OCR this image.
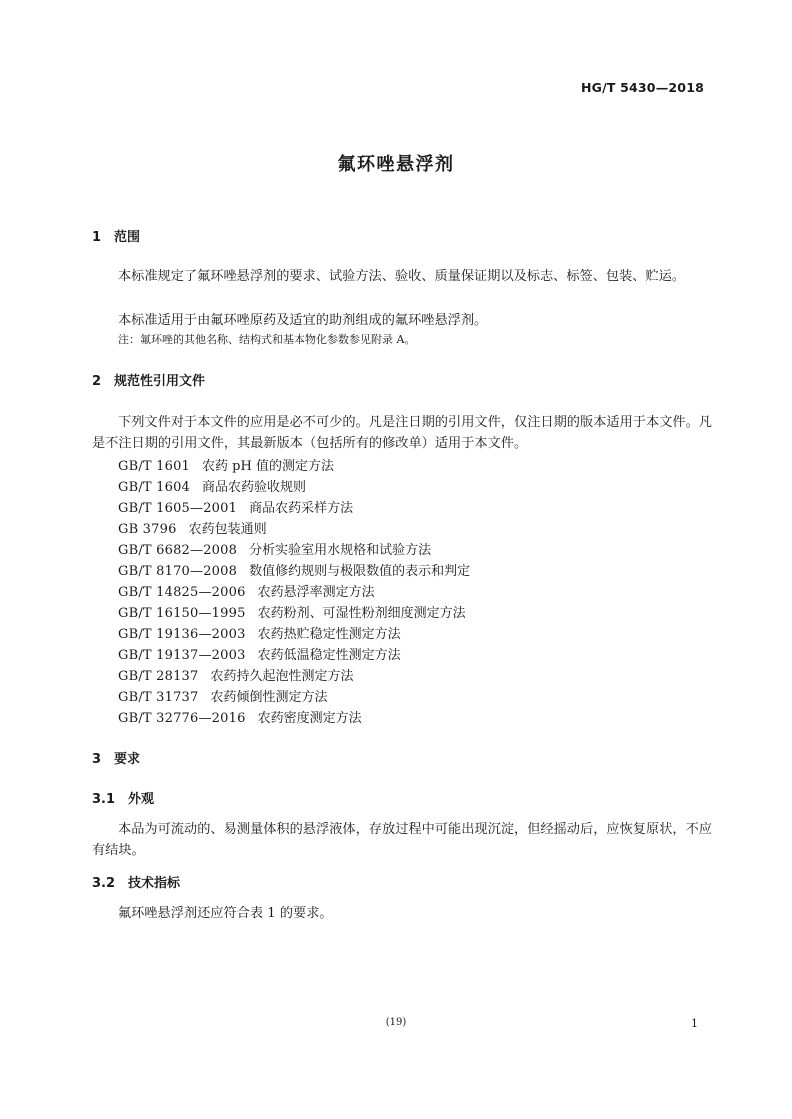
HG/T 5430—2018
氟环唑悬浮剂
1 范围

本标准规定了氟环唑悬浮剂的要求、试验方法、验收、质量保证期以及标志、标签、包装、贮运。

本标准适用于由氟环唑原药及适宜的助剂组成的氟环唑悬浮剂。

注：氟环唑的其他名称、结构式和基本物化参数参见附录 A。

2 规范性引用文件

下列文件对于本文件的应用是必不可少的。凡是注日期的引用文件，仅注日期的版本适用于本文件。凡是不注日期的引用文件，其最新版本（包括所有的修改单）适用于本文件。

GB/T 1601 农药 pH 值的测定方法
GB/T 1604 商品农药验收规则
GB/T 1605—2001 商品农药采样方法
GB 3796 农药包装通则
GB/T 6682—2008 分析实验室用水规格和试验方法
GB/T 8170—2008 数值修约规则与极限数值的表示和判定
GB/T 14825—2006 农药悬浮率测定方法
GB/T 16150—1995 农药粉剂、可湿性粉剂细度测定方法
GB/T 19136—2003 农药热贮稳定性测定方法
GB/T 19137—2003 农药低温稳定性测定方法
GB/T 28137 农药持久起泡性测定方法
GB/T 31737 农药倾倒性测定方法
GB/T 32776—2016 农药密度测定方法
3 要求
3.1 外观

本品为可流动的、易测量体积的悬浮液体，存放过程中可能出现沉淀，但经摇动后，应恢复原状，不应有结块。

3.2 技术指标

氟环唑悬浮剂还应符合表 1 的要求。

(19)	1
